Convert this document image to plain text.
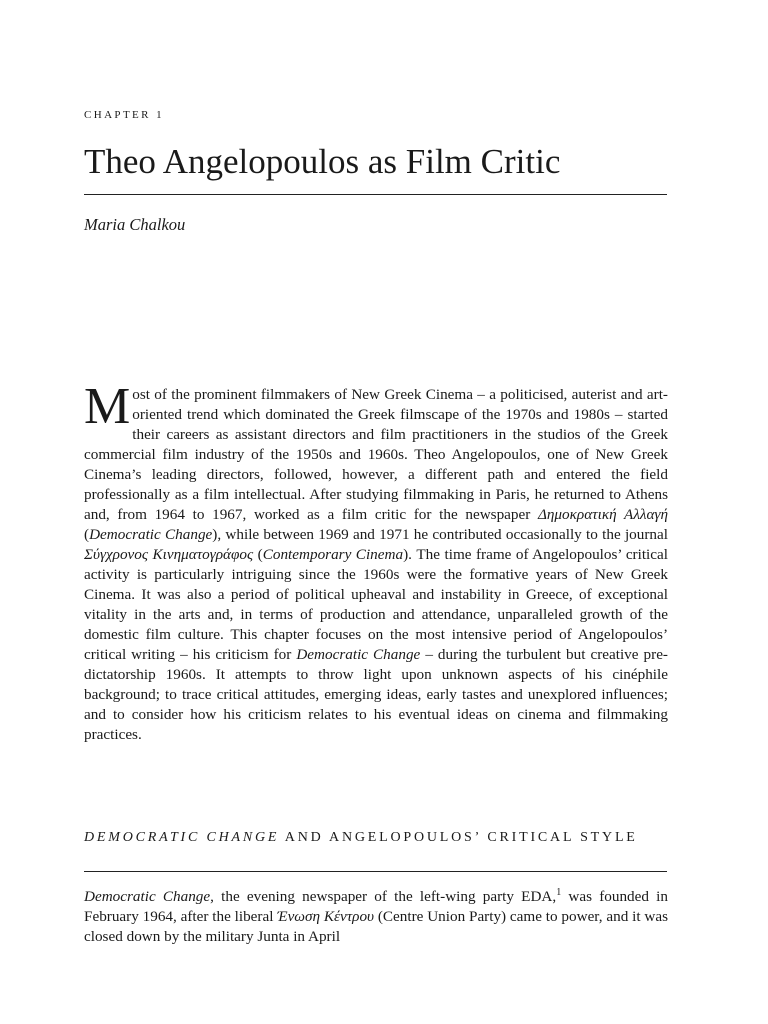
CHAPTER 1
Theo Angelopoulos as Film Critic
Maria Chalkou

Most of the prominent filmmakers of New Greek Cinema – a politicised, auterist and art-oriented trend which dominated the Greek filmscape of the 1970s and 1980s – started their careers as assistant directors and film practitioners in the studios of the Greek commercial film industry of the 1950s and 1960s. Theo Angelopoulos, one of New Greek Cinema’s leading directors, followed, however, a different path and entered the field professionally as a film intellectual. After studying filmmaking in Paris, he returned to Athens and, from 1964 to 1967, worked as a film critic for the newspaper Δημοκρατική Αλλαγή (Democratic Change), while between 1969 and 1971 he contributed occasionally to the journal Σύγχρονος Κινηματογράφος (Contemporary Cinema). The time frame of Angelopoulos’ critical activity is particularly intriguing since the 1960s were the formative years of New Greek Cinema. It was also a period of political upheaval and instability in Greece, of exceptional vitality in the arts and, in terms of production and attendance, unparalleled growth of the domestic film culture. This chapter focuses on the most intensive period of Angelopoulos’ critical writing – his criticism for Democratic Change – during the turbulent but creative pre-dictatorship 1960s. It attempts to throw light upon unknown aspects of his cinéphile background; to trace critical attitudes, emerging ideas, early tastes and unexplored influences; and to consider how his criticism relates to his eventual ideas on cinema and filmmaking practices.

DEMOCRATIC CHANGE AND ANGELOPOULOS’ CRITICAL STYLE

Democratic Change, the evening newspaper of the left-wing party EDA,$^1$ was founded in February 1964, after the liberal Ένωση Κέντρου (Centre Union Party) came to power, and it was closed down by the military Junta in April
